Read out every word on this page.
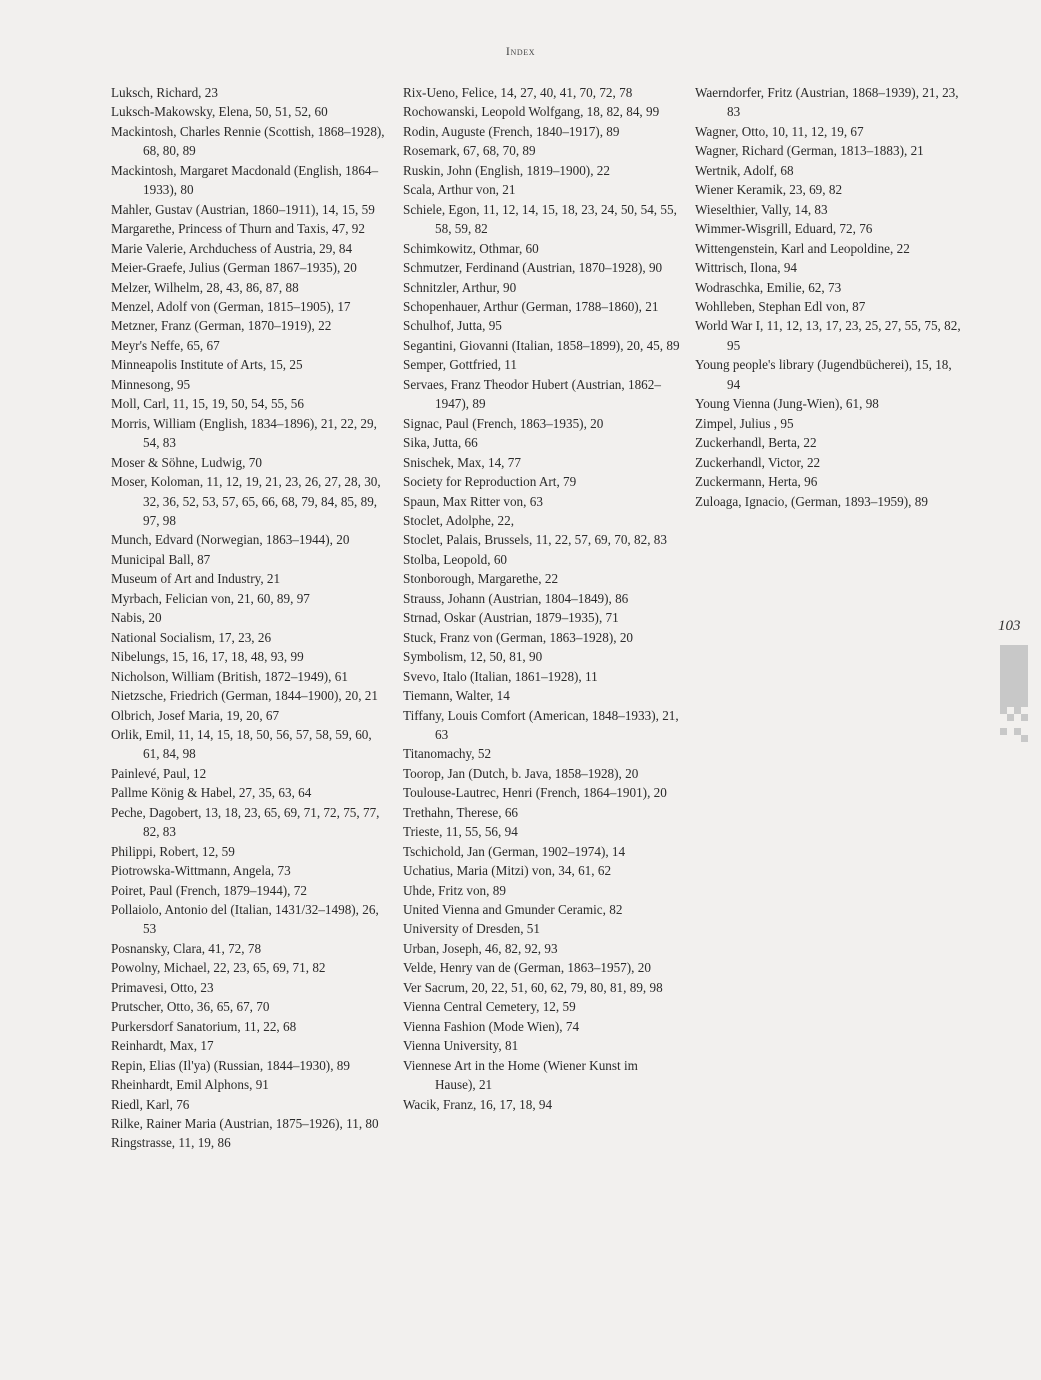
Index
Luksch, Richard, 23
Luksch-Makowsky, Elena, 50, 51, 52, 60
Mackintosh, Charles Rennie (Scottish, 1868–1928), 68, 80, 89
Mackintosh, Margaret Macdonald (English, 1864–1933), 80
Mahler, Gustav (Austrian, 1860–1911), 14, 15, 59
Margarethe, Princess of Thurn and Taxis, 47, 92
Marie Valerie, Archduchess of Austria, 29, 84
Meier-Graefe, Julius (German 1867–1935), 20
Melzer, Wilhelm, 28, 43, 86, 87, 88
Menzel, Adolf von (German, 1815–1905), 17
Metzner, Franz (German, 1870–1919), 22
Meyr's Neffe, 65, 67
Minneapolis Institute of Arts, 15, 25
Minnesong, 95
Moll, Carl, 11, 15, 19, 50, 54, 55, 56
Morris, William (English, 1834–1896), 21, 22, 29, 54, 83
Moser & Söhne, Ludwig, 70
Moser, Koloman, 11, 12, 19, 21, 23, 26, 27, 28, 30, 32, 36, 52, 53, 57, 65, 66, 68, 79, 84, 85, 89, 97, 98
Munch, Edvard (Norwegian, 1863–1944), 20
Municipal Ball, 87
Museum of Art and Industry, 21
Myrbach, Felician von, 21, 60, 89, 97
Nabis, 20
National Socialism, 17, 23, 26
Nibelungs, 15, 16, 17, 18, 48, 93, 99
Nicholson, William (British, 1872–1949), 61
Nietzsche, Friedrich (German, 1844–1900), 20, 21
Olbrich, Josef Maria, 19, 20, 67
Orlik, Emil, 11, 14, 15, 18, 50, 56, 57, 58, 59, 60, 61, 84, 98
Painlevé, Paul, 12
Pallme König & Habel, 27, 35, 63, 64
Peche, Dagobert, 13, 18, 23, 65, 69, 71, 72, 75, 77, 82, 83
Philippi, Robert, 12, 59
Piotrowska-Wittmann, Angela, 73
Poiret, Paul (French, 1879–1944), 72
Pollaiolo, Antonio del (Italian, 1431/32–1498), 26, 53
Posnansky, Clara, 41, 72, 78
Powolny, Michael, 22, 23, 65, 69, 71, 82
Primavesi, Otto, 23
Prutscher, Otto, 36, 65, 67, 70
Purkersdorf Sanatorium, 11, 22, 68
Reinhardt, Max, 17
Repin, Elias (Il'ya) (Russian, 1844–1930), 89
Rheinhardt, Emil Alphons, 91
Riedl, Karl, 76
Rilke, Rainer Maria (Austrian, 1875–1926), 11, 80
Ringstrasse, 11, 19, 86
Rix-Ueno, Felice, 14, 27, 40, 41, 70, 72, 78
Rochowanski, Leopold Wolfgang, 18, 82, 84, 99
Rodin, Auguste (French, 1840–1917), 89
Rosemark, 67, 68, 70, 89
Ruskin, John (English, 1819–1900), 22
Scala, Arthur von, 21
Schiele, Egon, 11, 12, 14, 15, 18, 23, 24, 50, 54, 55, 58, 59, 82
Schimkowitz, Othmar, 60
Schmutzer, Ferdinand (Austrian, 1870–1928), 90
Schnitzler, Arthur, 90
Schopenhauer, Arthur (German, 1788–1860), 21
Schulhof, Jutta, 95
Segantini, Giovanni (Italian, 1858–1899), 20, 45, 89
Semper, Gottfried, 11
Servaes, Franz Theodor Hubert (Austrian, 1862–1947), 89
Signac, Paul (French, 1863–1935), 20
Sika, Jutta, 66
Snischek, Max, 14, 77
Society for Reproduction Art, 79
Spaun, Max Ritter von, 63
Stoclet, Adolphe, 22,
Stoclet, Palais, Brussels, 11, 22, 57, 69, 70, 82, 83
Stolba, Leopold, 60
Stonborough, Margarethe, 22
Strauss, Johann (Austrian, 1804–1849), 86
Strnad, Oskar (Austrian, 1879–1935), 71
Stuck, Franz von (German, 1863–1928), 20
Symbolism, 12, 50, 81, 90
Svevo, Italo (Italian, 1861–1928), 11
Tiemann, Walter, 14
Tiffany, Louis Comfort (American, 1848–1933), 21, 63
Titanomachy, 52
Toorop, Jan (Dutch, b. Java, 1858–1928), 20
Toulouse-Lautrec, Henri (French, 1864–1901), 20
Trethahn, Therese, 66
Trieste, 11, 55, 56, 94
Tschichold, Jan (German, 1902–1974), 14
Uchatius, Maria (Mitzi) von, 34, 61, 62
Uhde, Fritz von, 89
United Vienna and Gmunder Ceramic, 82
University of Dresden, 51
Urban, Joseph, 46, 82, 92, 93
Velde, Henry van de (German, 1863–1957), 20
Ver Sacrum, 20, 22, 51, 60, 62, 79, 80, 81, 89, 98
Vienna Central Cemetery, 12, 59
Vienna Fashion (Mode Wien), 74
Vienna University, 81
Viennese Art in the Home (Wiener Kunst im Hause), 21
Wacik, Franz, 16, 17, 18, 94
Waerndorfer, Fritz (Austrian, 1868–1939), 21, 23, 83
Wagner, Otto, 10, 11, 12, 19, 67
Wagner, Richard (German, 1813–1883), 21
Wertnik, Adolf, 68
Wiener Keramik, 23, 69, 82
Wieselthier, Vally, 14, 83
Wimmer-Wisgrill, Eduard, 72, 76
Wittengenstein, Karl and Leopoldine, 22
Wittrisch, Ilona, 94
Wodraschka, Emilie, 62, 73
Wohlleben, Stephan Edl von, 87
World War I, 11, 12, 13, 17, 23, 25, 27, 55, 75, 82, 95
Young people's library (Jugendbücherei), 15, 18, 94
Young Vienna (Jung-Wien), 61, 98
Zimpel, Julius , 95
Zuckerhandl, Berta, 22
Zuckerhandl, Victor, 22
Zuckermann, Herta, 96
Zuloaga, Ignacio, (German, 1893–1959), 89
103
